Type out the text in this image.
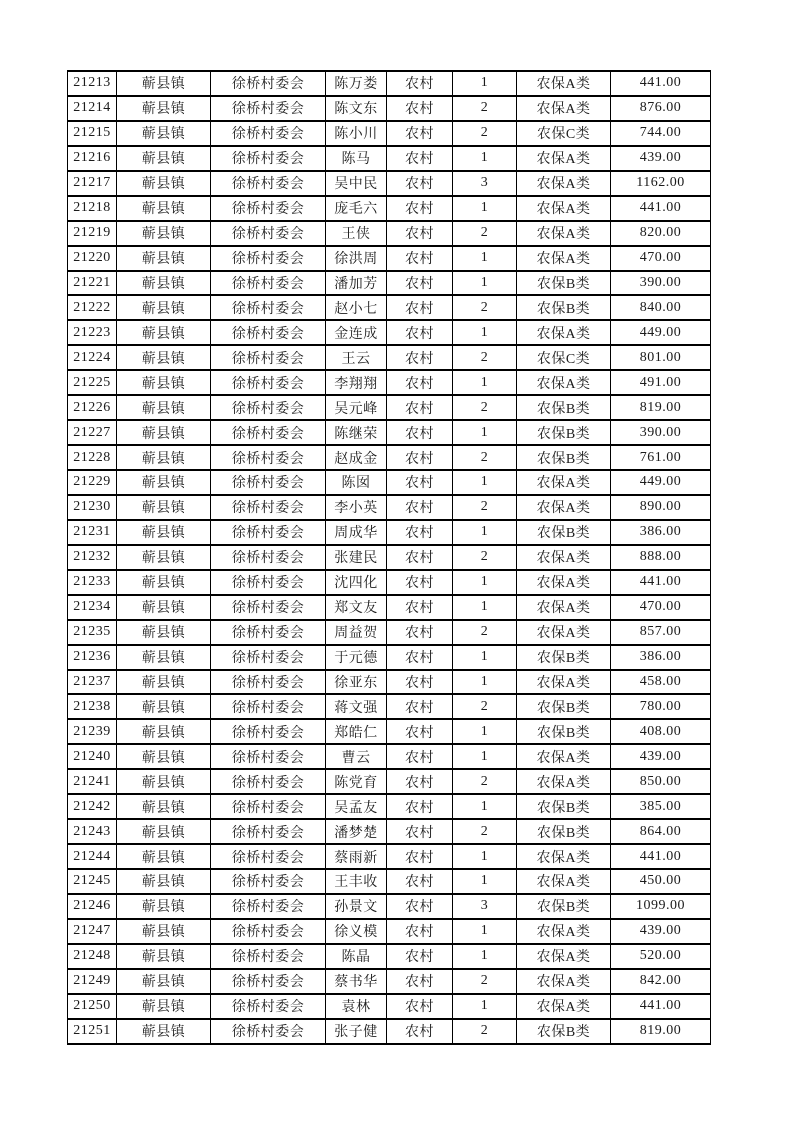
21213	蕲县镇	徐桥村委会	陈万娄	农村	1	农保A类	441.00
21214	蕲县镇	徐桥村委会	陈文东	农村	2	农保A类	876.00
21215	蕲县镇	徐桥村委会	陈小川	农村	2	农保C类	744.00
21216	蕲县镇	徐桥村委会	陈马	农村	1	农保A类	439.00
21217	蕲县镇	徐桥村委会	吴中民	农村	3	农保A类	1162.00
21218	蕲县镇	徐桥村委会	庞毛六	农村	1	农保A类	441.00
21219	蕲县镇	徐桥村委会	王侠	农村	2	农保A类	820.00
21220	蕲县镇	徐桥村委会	徐洪周	农村	1	农保A类	470.00
21221	蕲县镇	徐桥村委会	潘加芳	农村	1	农保B类	390.00
21222	蕲县镇	徐桥村委会	赵小七	农村	2	农保B类	840.00
21223	蕲县镇	徐桥村委会	金连成	农村	1	农保A类	449.00
21224	蕲县镇	徐桥村委会	王云	农村	2	农保C类	801.00
21225	蕲县镇	徐桥村委会	李翔翔	农村	1	农保A类	491.00
21226	蕲县镇	徐桥村委会	吴元峰	农村	2	农保B类	819.00
21227	蕲县镇	徐桥村委会	陈继荣	农村	1	农保B类	390.00
21228	蕲县镇	徐桥村委会	赵成金	农村	2	农保B类	761.00
21229	蕲县镇	徐桥村委会	陈囡	农村	1	农保A类	449.00
21230	蕲县镇	徐桥村委会	李小英	农村	2	农保A类	890.00
21231	蕲县镇	徐桥村委会	周成华	农村	1	农保B类	386.00
21232	蕲县镇	徐桥村委会	张建民	农村	2	农保A类	888.00
21233	蕲县镇	徐桥村委会	沈四化	农村	1	农保A类	441.00
21234	蕲县镇	徐桥村委会	郑文友	农村	1	农保A类	470.00
21235	蕲县镇	徐桥村委会	周益贺	农村	2	农保A类	857.00
21236	蕲县镇	徐桥村委会	于元德	农村	1	农保B类	386.00
21237	蕲县镇	徐桥村委会	徐亚东	农村	1	农保A类	458.00
21238	蕲县镇	徐桥村委会	蒋文强	农村	2	农保B类	780.00
21239	蕲县镇	徐桥村委会	郑皓仁	农村	1	农保B类	408.00
21240	蕲县镇	徐桥村委会	曹云	农村	1	农保A类	439.00
21241	蕲县镇	徐桥村委会	陈党育	农村	2	农保A类	850.00
21242	蕲县镇	徐桥村委会	吴孟友	农村	1	农保B类	385.00
21243	蕲县镇	徐桥村委会	潘梦楚	农村	2	农保B类	864.00
21244	蕲县镇	徐桥村委会	蔡雨新	农村	1	农保A类	441.00
21245	蕲县镇	徐桥村委会	王丰收	农村	1	农保A类	450.00
21246	蕲县镇	徐桥村委会	孙景文	农村	3	农保B类	1099.00
21247	蕲县镇	徐桥村委会	徐义模	农村	1	农保A类	439.00
21248	蕲县镇	徐桥村委会	陈晶	农村	1	农保A类	520.00
21249	蕲县镇	徐桥村委会	蔡书华	农村	2	农保A类	842.00
21250	蕲县镇	徐桥村委会	袁林	农村	1	农保A类	441.00
21251	蕲县镇	徐桥村委会	张子健	农村	2	农保B类	819.00
